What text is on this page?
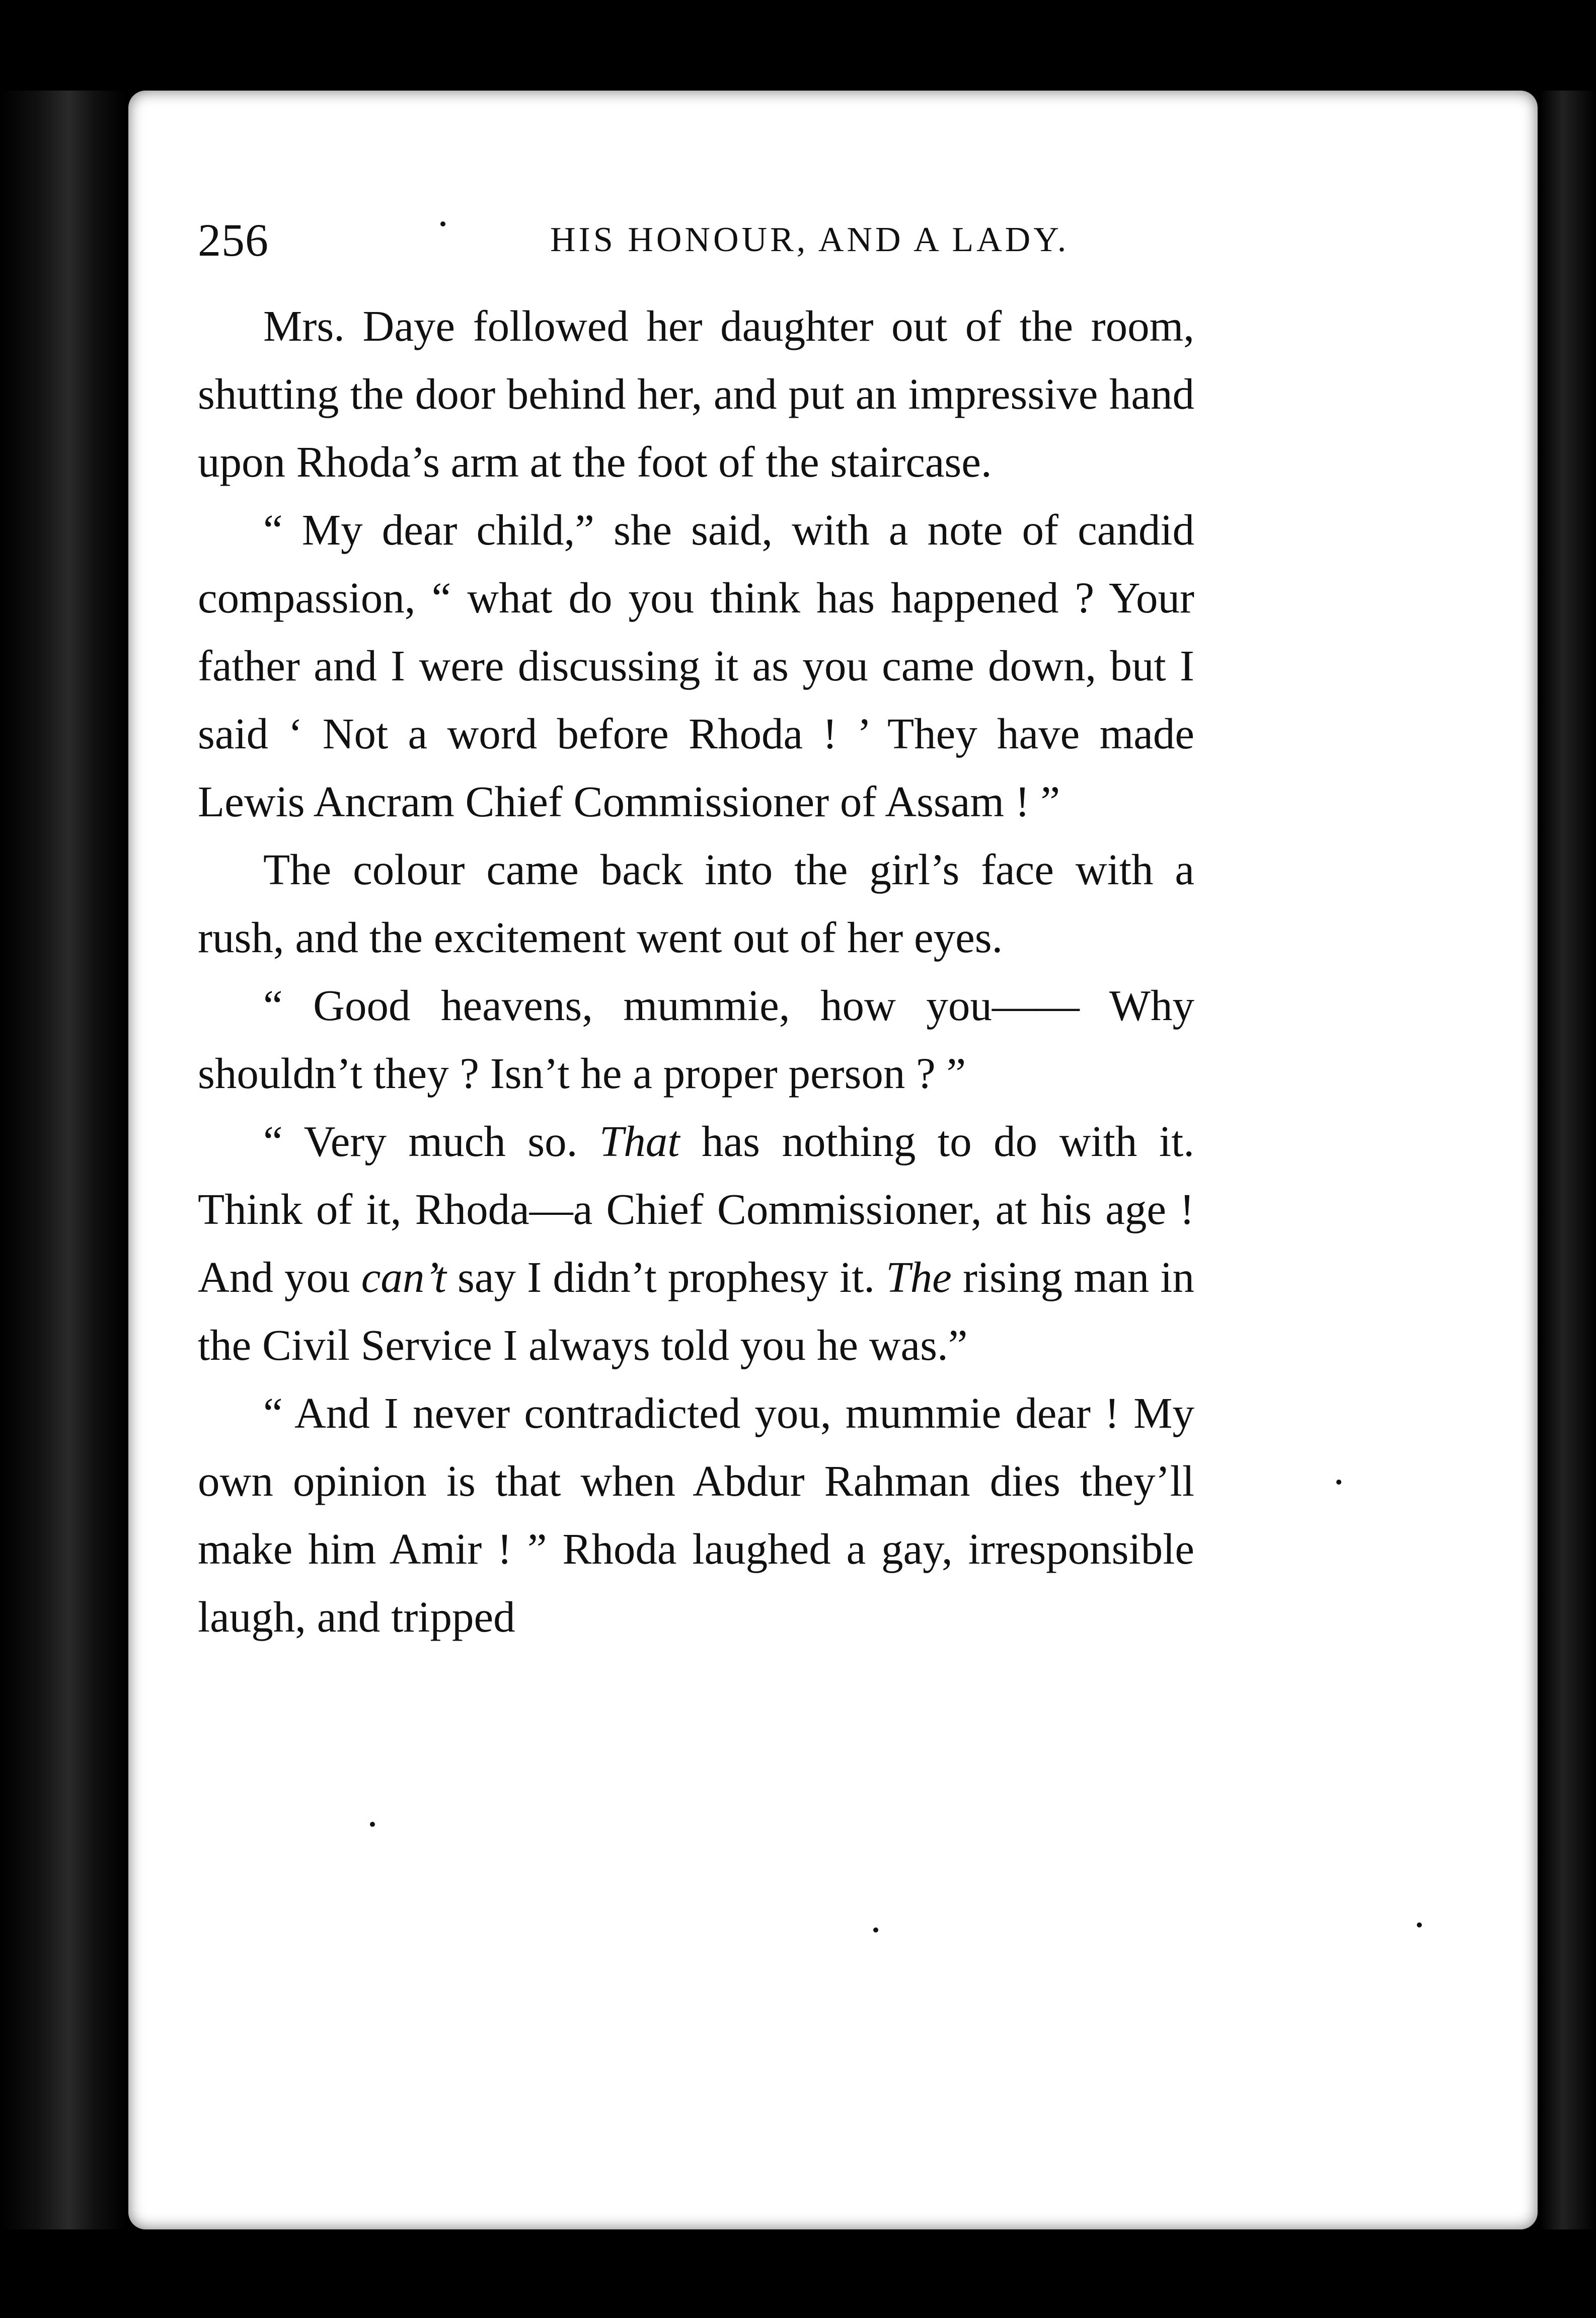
256	HIS HONOUR, AND A LADY.

Mrs. Daye followed her daughter out of the room, shutting the door behind her, and put an impressive hand upon Rhoda’s arm at the foot of the staircase.

“ My dear child,” she said, with a note of candid compassion, “ what do you think has happened ? Your father and I were discussing it as you came down, but I said ‘ Not a word before Rhoda ! ’ They have made Lewis Ancram Chief Commissioner of Assam ! ”

The colour came back into the girl’s face with a rush, and the excitement went out of her eyes.

“ Good heavens, mummie, how you—— Why shouldn’t they ? Isn’t he a proper person ? ”

“ Very much so. That has nothing to do with it. Think of it, Rhoda—a Chief Commissioner, at his age ! And you can’t say I didn’t prophesy it. The rising man in the Civil Service I always told you he was.”

“ And I never contradicted you, mummie dear ! My own opinion is that when Abdur Rahman dies they’ll make him Amir ! ” Rhoda laughed a gay, irresponsible laugh, and tripped
